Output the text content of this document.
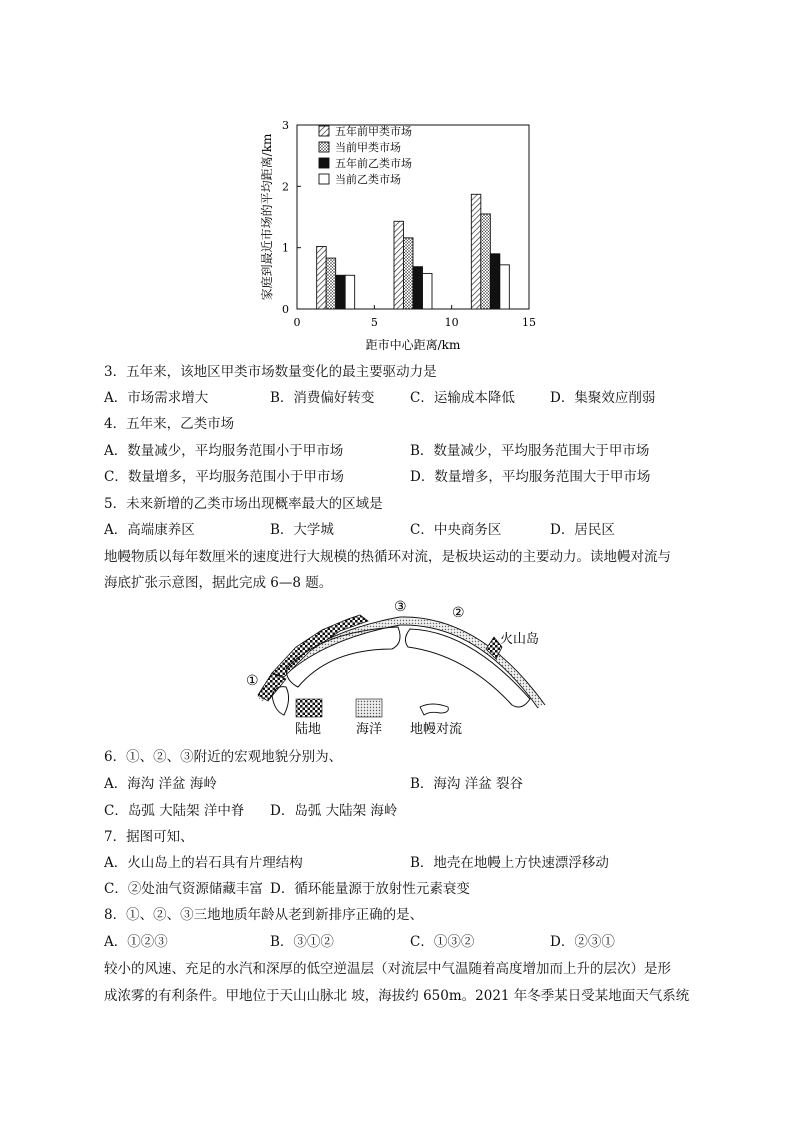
0
1
2
3
0	5	10	15
距市中心距离/km
家庭到最近市场的平均距离/km
五年前甲类市场
当前甲类市场
五年前乙类市场
当前乙类市场
3．五年来，该地区甲类市场数量变化的最主要驱动力是
A．市场需求增大	B．消费偏好转变	C．运输成本降低	D．集聚效应削弱
4．五年来，乙类市场
A．数量减少，平均服务范围小于甲市场	B．数量减少，平均服务范围大于甲市场
C．数量增多，平均服务范围小于甲市场	D．数量增多，平均服务范围大于甲市场
5．未来新增的乙类市场出现概率最大的区域是
A．高端康养区	B．大学城	C．中央商务区	D．居民区
地幔物质以每年数厘米的速度进行大规模的热循环对流，是板块运动的主要动力。读地幔对流与
海底扩张示意图，据此完成 6—8 题。
①
②
③
火山岛
陆地	海洋 地幔对流
6．①、②、③附近的宏观地貌分别为、
A．海沟 洋盆 海岭	B．海沟 洋盆 裂谷
C．岛弧 大陆架 洋中脊 D．岛弧 大陆架 海岭
7．据图可知、
A．火山岛上的岩石具有片理结构	B．地壳在地幔上方快速漂浮移动
C．②处油气资源储藏丰富 D．循环能量源于放射性元素衰变
8．①、②、③三地地质年龄从老到新排序正确的是、
A．①②③	B．③①②	C．①③②	D．②③①
较小的风速、充足的水汽和深厚的低空逆温层（对流层中气温随着高度增加而上升的层次）是形
成浓雾的有利条件。甲地位于天山山脉北 坡，海拔约 650m。2021 年冬季某日受某地面天气系统
